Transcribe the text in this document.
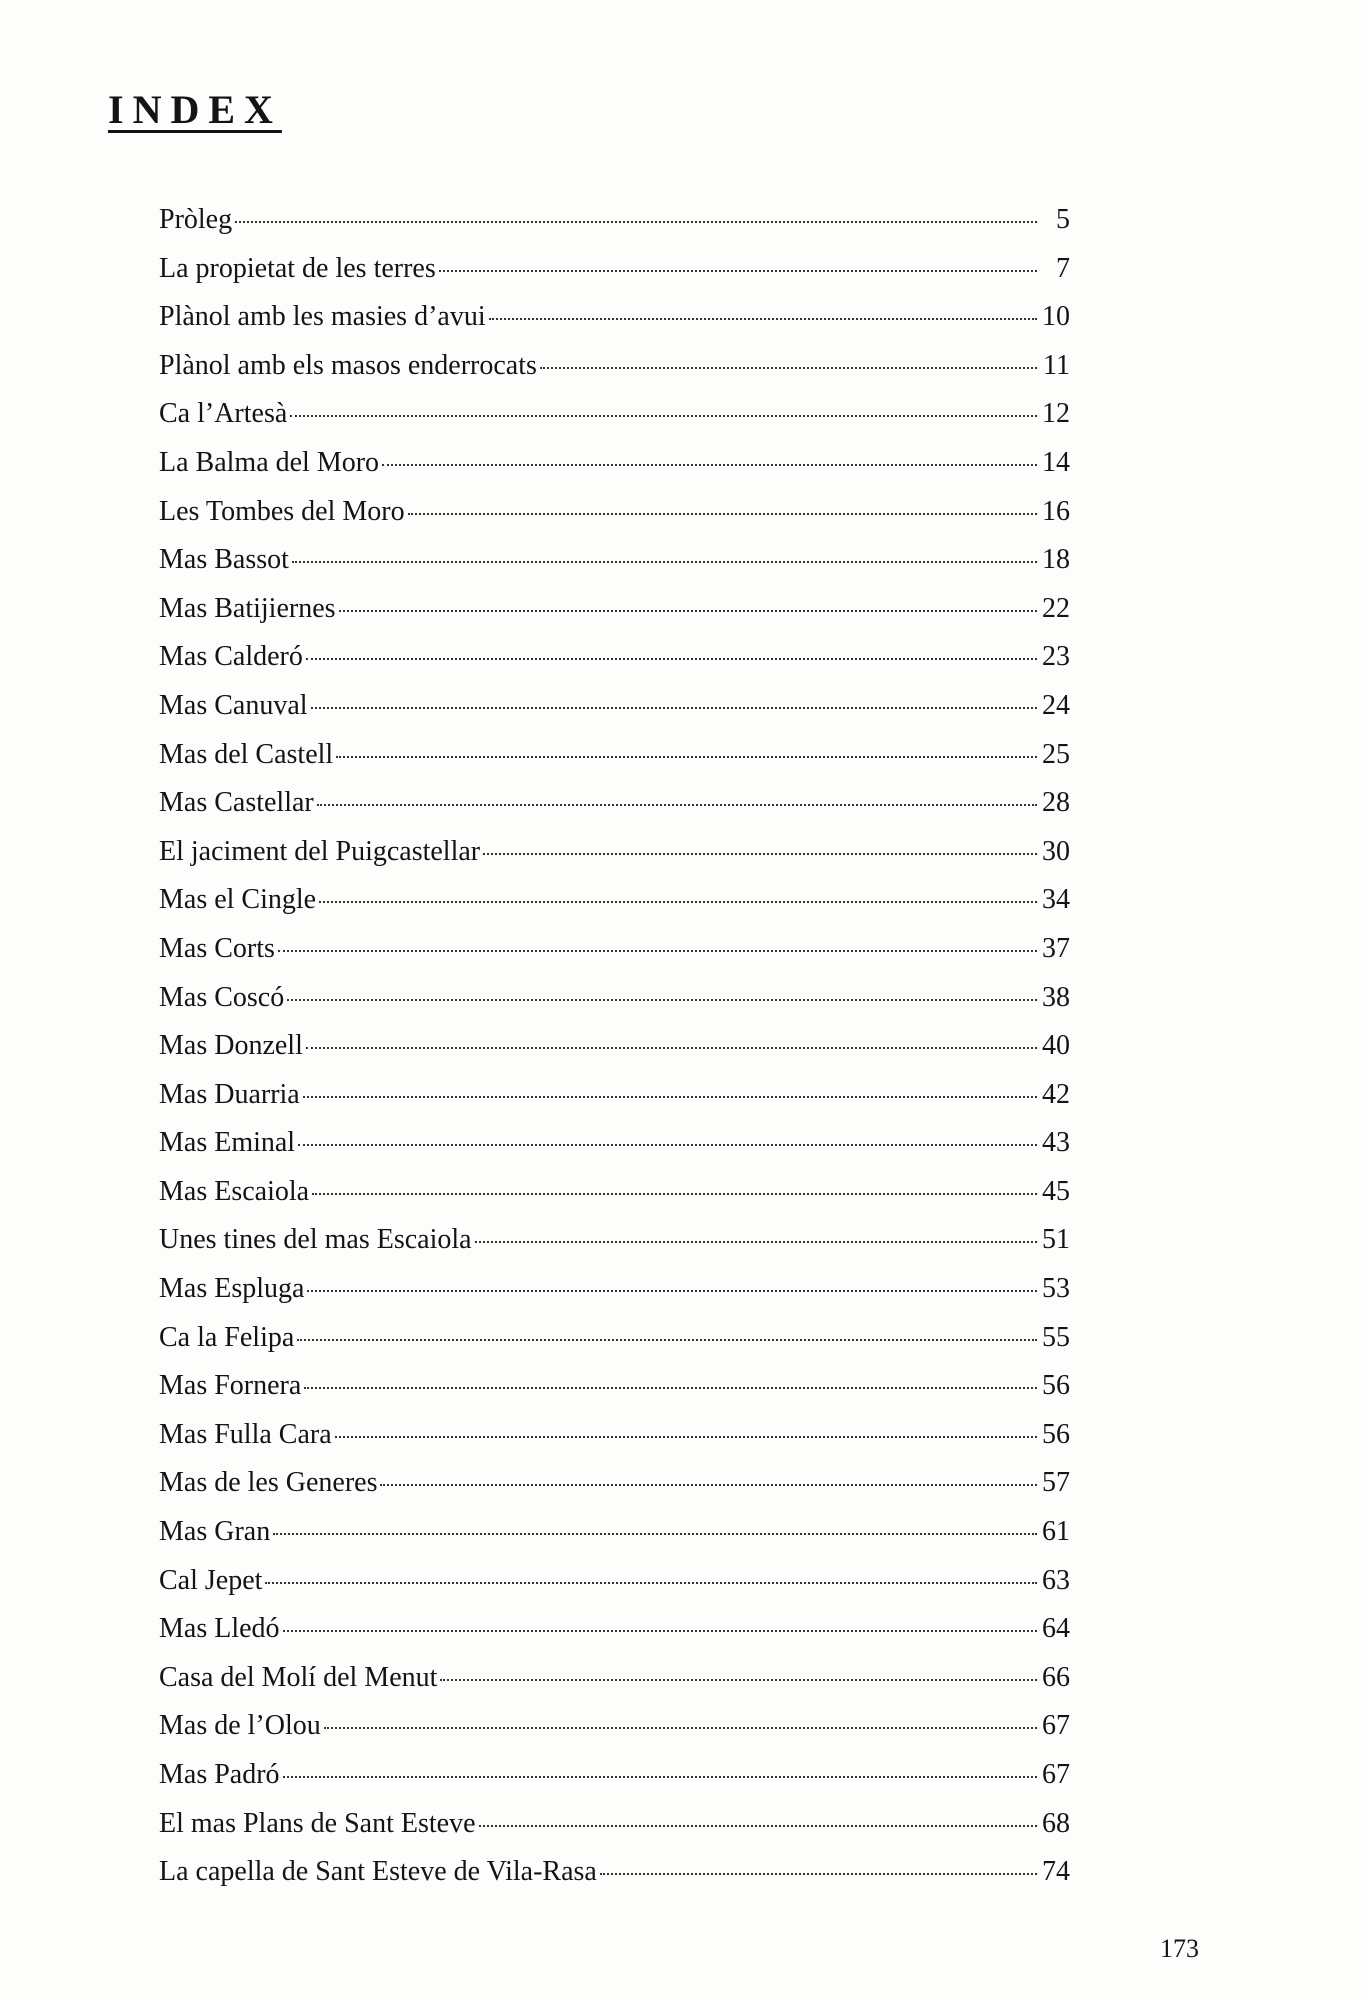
INDEX
Pròleg	5
La propietat de les terres	7
Plànol amb les masies d’avui	10
Plànol amb els masos enderrocats	11
Ca l’Artesà	12
La Balma del Moro	14
Les Tombes del Moro	16
Mas Bassot	18
Mas Batijiernes	22
Mas Calderó	23
Mas Canuval	24
Mas del Castell	25
Mas Castellar	28
El jaciment del Puigcastellar	30
Mas el Cingle	34
Mas Corts	37
Mas Coscó	38
Mas Donzell	40
Mas Duarria	42
Mas Eminal	43
Mas Escaiola	45
Unes tines del mas Escaiola	51
Mas Espluga	53
Ca la Felipa	55
Mas Fornera	56
Mas Fulla Cara	56
Mas de les Generes	57
Mas Gran	61
Cal Jepet	63
Mas Lledó	64
Casa del Molí del Menut	66
Mas de l’Olou	67
Mas Padró	67
El mas Plans de Sant Esteve	68
La capella de Sant Esteve de Vila-Rasa	74
173
